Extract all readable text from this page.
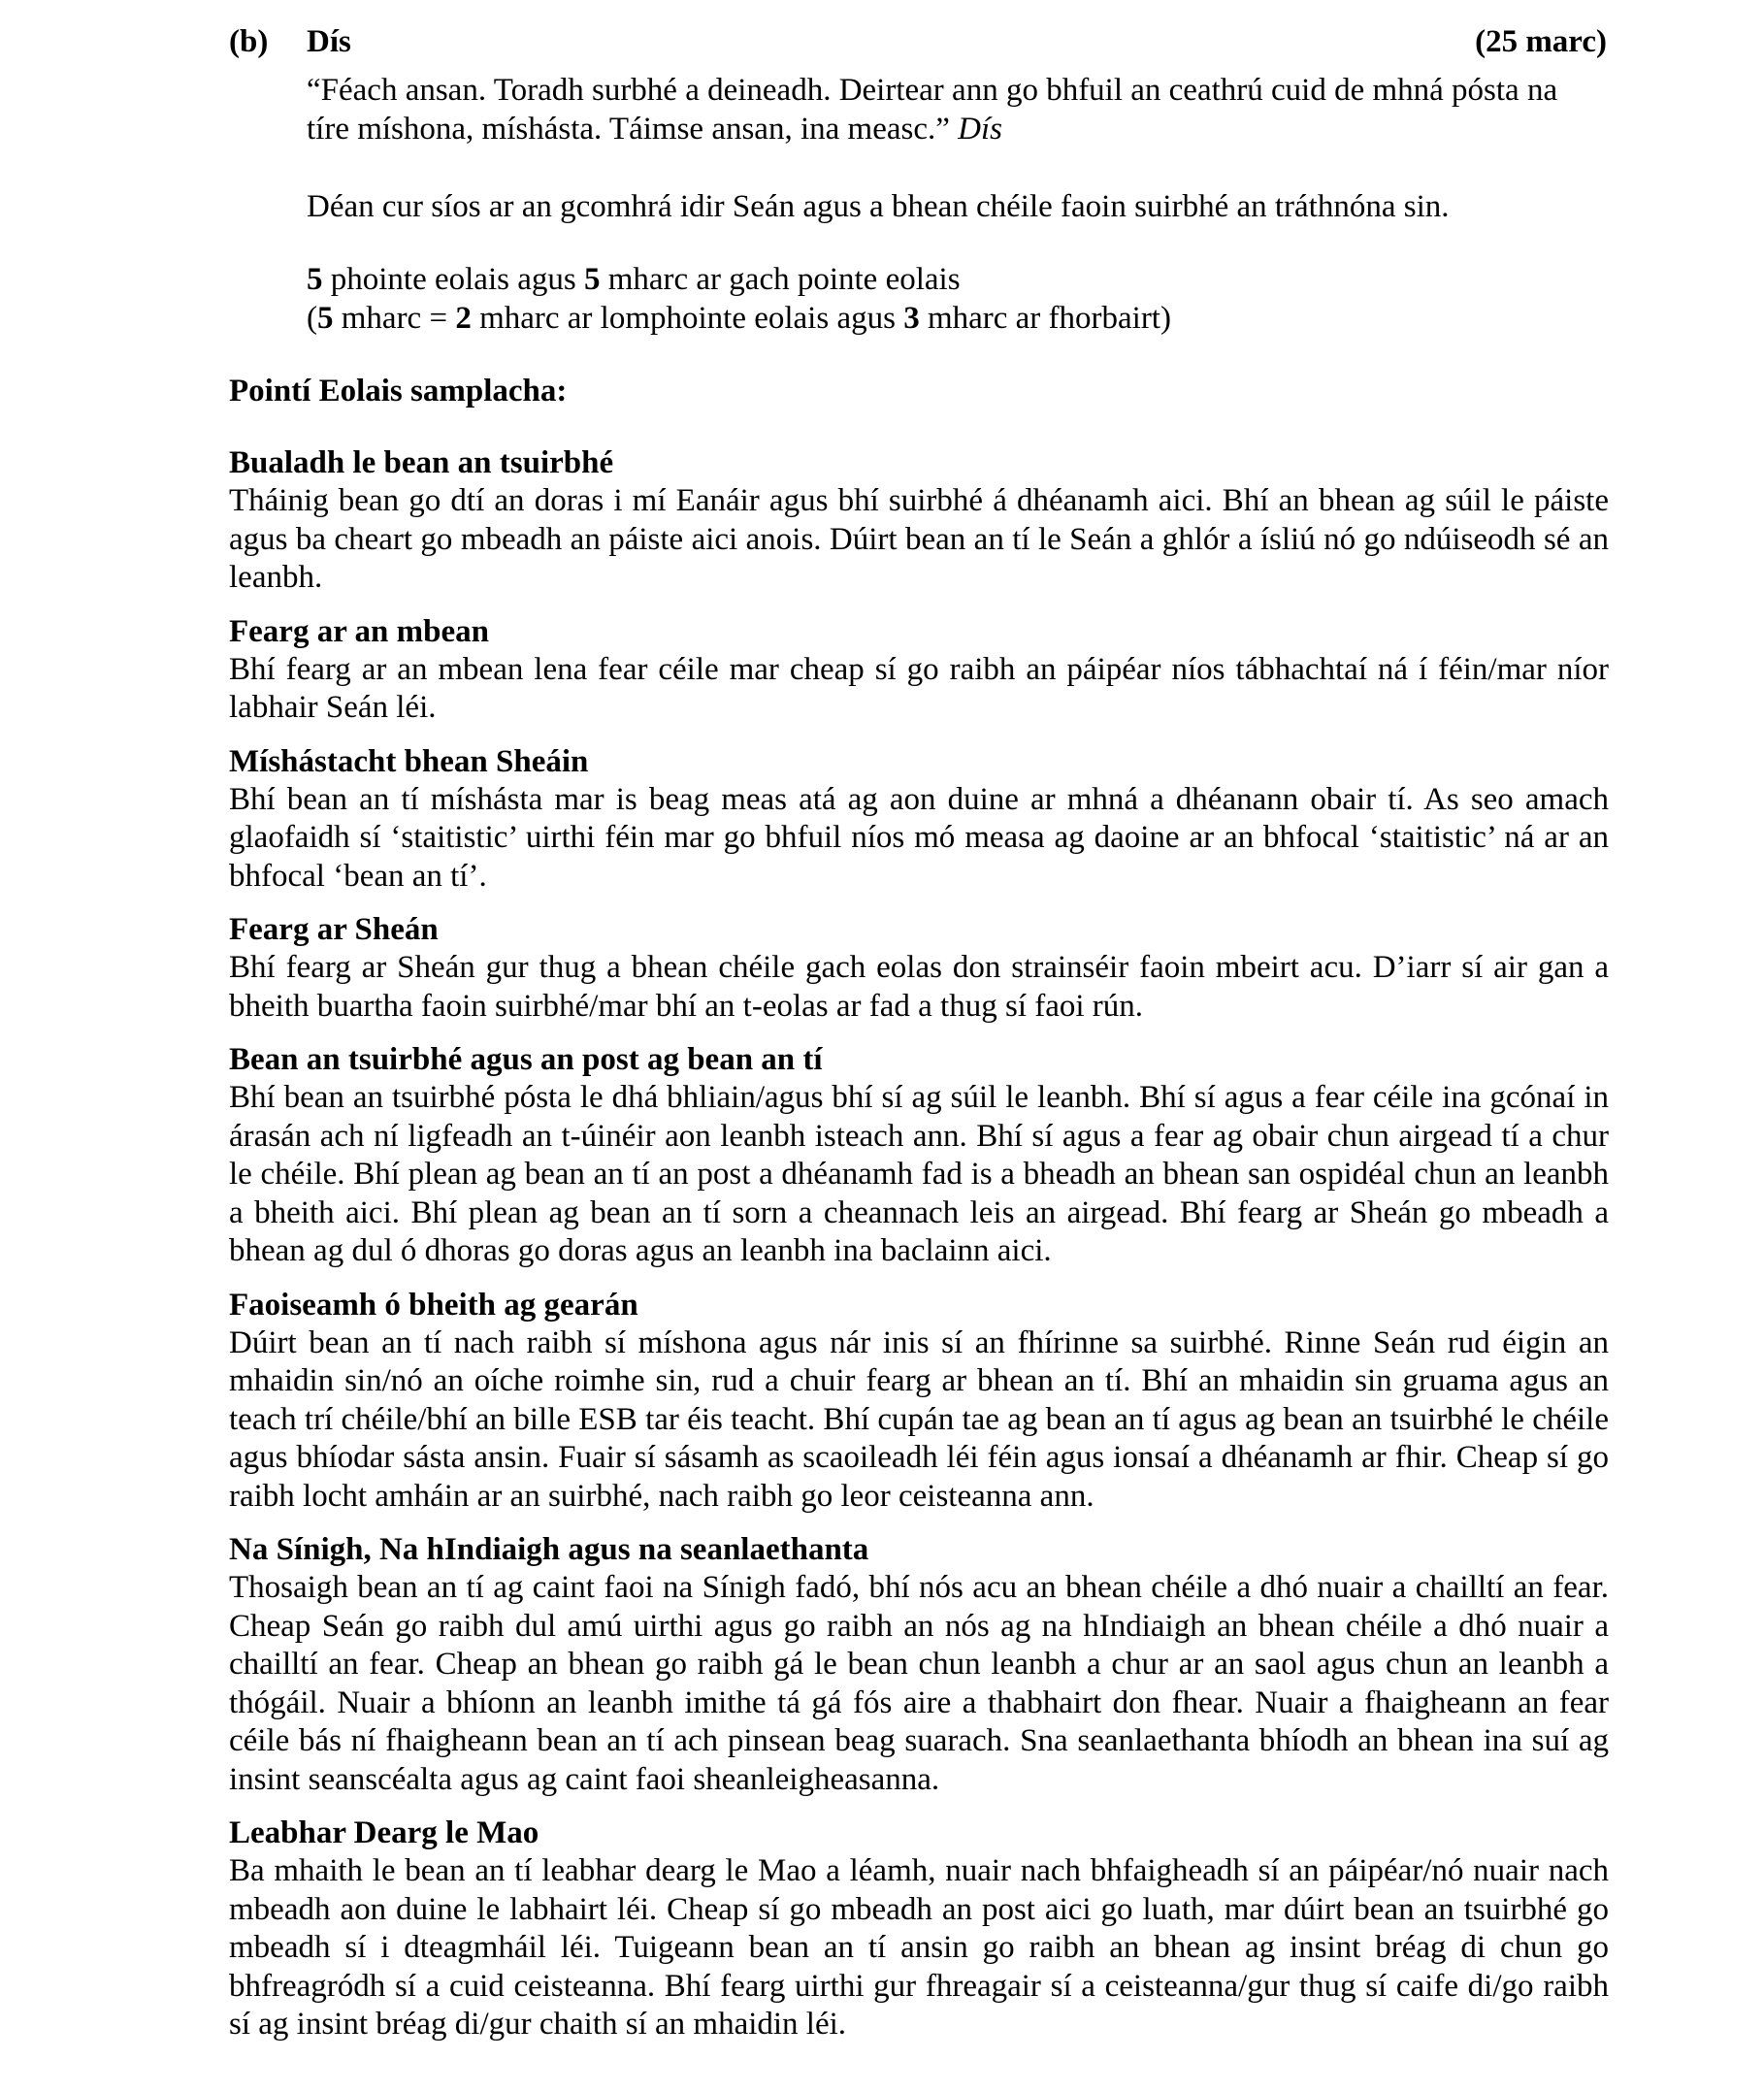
(b) Dís	(25 marc)
“Féach ansan. Toradh surbhé a deineadh. Deirtear ann go bhfuil an ceathrú cuid de mhná pósta na tíre míshona, míshásta. Táimse ansan, ina measc.” Dís
Déan cur síos ar an gcomhrá idir Seán agus a bhean chéile faoin suirbhé an tráthnóna sin.
5 phointe eolais agus 5 mharc ar gach pointe eolais
(5 mharc = 2 mharc ar lomphointe eolais agus 3 mharc ar fhorbairt)
Pointí Eolais samplacha:
Bualadh le bean an tsuirbhé
Tháinig bean go dtí an doras i mí Eanáir agus bhí suirbhé á dhéanamh aici. Bhí an bhean ag súil le páiste agus ba cheart go mbeadh an páiste aici anois. Dúirt bean an tí le Seán a ghlór a ísliú nó go ndúiseodh sé an leanbh.
Fearg ar an mbean
Bhí fearg ar an mbean lena fear céile mar cheap sí go raibh an páipéar níos tábhachtaí ná í féin/mar níor labhair Seán léi.
Míshástacht bhean Sheáin
Bhí bean an tí míshásta mar is beag meas atá ag aon duine ar mhná a dhéanann obair tí. As seo amach glaofaidh sí ‘staitistic’ uirthi féin mar go bhfuil níos mó measa ag daoine ar an bhfocal ‘staitistic’ ná ar an bhfocal ‘bean an tí’.
Fearg ar Sheán
Bhí fearg ar Sheán gur thug a bhean chéile gach eolas don strainséir faoin mbeirt acu. D’iarr sí air gan a bheith buartha faoin suirbhé/mar bhí an t-eolas ar fad a thug sí faoi rún.
Bean an tsuirbhé agus an post ag bean an tí
Bhí bean an tsuirbhé pósta le dhá bhliain/agus bhí sí ag súil le leanbh. Bhí sí agus a fear céile ina gcónaí in árasán ach ní ligfeadh an t-úinéir aon leanbh isteach ann. Bhí sí agus a fear ag obair chun airgead tí a chur le chéile. Bhí plean ag bean an tí an post a dhéanamh fad is a bheadh an bhean san ospidéal chun an leanbh a bheith aici. Bhí plean ag bean an tí sorn a cheannach leis an airgead. Bhí fearg ar Sheán go mbeadh a bhean ag dul ó dhoras go doras agus an leanbh ina baclainn aici.
Faoiseamh ó bheith ag gearán
Dúirt bean an tí nach raibh sí míshona agus nár inis sí an fhírinne sa suirbhé. Rinne Seán rud éigin an mhaidin sin/nó an oíche roimhe sin, rud a chuir fearg ar bhean an tí. Bhí an mhaidin sin gruama agus an teach trí chéile/bhí an bille ESB tar éis teacht. Bhí cupán tae ag bean an tí agus ag bean an tsuirbhé le chéile agus bhíodar sásta ansin. Fuair sí sásamh as scaoileadh léi féin agus ionsaí a dhéanamh ar fhir. Cheap sí go raibh locht amháin ar an suirbhé, nach raibh go leor ceisteanna ann.
Na Sínigh, Na hIndiaigh agus na seanlaethanta
Thosaigh bean an tí ag caint faoi na Sínigh fadó, bhí nós acu an bhean chéile a dhó nuair a chailltí an fear. Cheap Seán go raibh dul amú uirthi agus go raibh an nós ag na hIndiaigh an bhean chéile a dhó nuair a chailltí an fear. Cheap an bhean go raibh gá le bean chun leanbh a chur ar an saol agus chun an leanbh a thógáil. Nuair a bhíonn an leanbh imithe tá gá fós aire a thabhairt don fhear. Nuair a fhaigheann an fear céile bás ní fhaigheann bean an tí ach pinsean beag suarach. Sna seanlaethanta bhíodh an bhean ina suí ag insint seanscéalta agus ag caint faoi sheanleigheasanna.
Leabhar Dearg le Mao
Ba mhaith le bean an tí leabhar dearg le Mao a léamh, nuair nach bhfaigheadh sí an páipéar/nó nuair nach mbeadh aon duine le labhairt léi. Cheap sí go mbeadh an post aici go luath, mar dúirt bean an tsuirbhé go mbeadh sí i dteagmháil léi. Tuigeann bean an tí ansin go raibh an bhean ag insint bréag di chun go bhfreagródh sí a cuid ceisteanna. Bhí fearg uirthi gur fhreagair sí a ceisteanna/gur thug sí caife di/go raibh sí ag insint bréag di/gur chaith sí an mhaidin léi.
